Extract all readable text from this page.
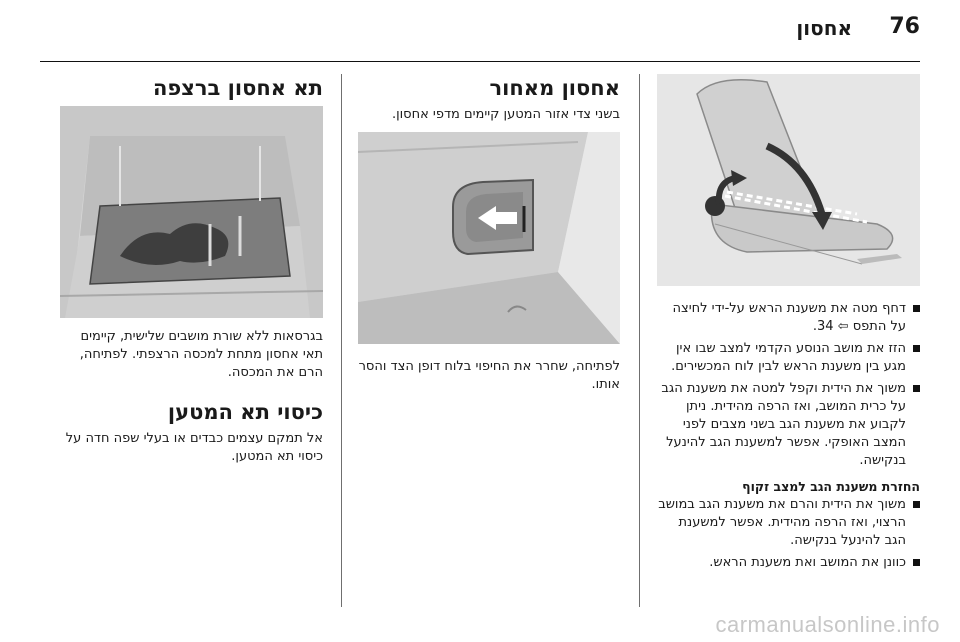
76
אחסון
דחף מטה את משענת הראש על-ידי לחיצה על התפס ⇦ 34.
הזז את מושב הנוסע הקדמי למצב שבו אין מגע בין משענת הראש לבין לוח המכשירים.
משוך את הידית וקפל למטה את משענת הגב על כרית המושב, ואז הרפה מהידית. ניתן לקבוע את משענת הגב בשני מצבים לפני המצב האופקי. אפשר למשענת הגב להינעל בנקישה.

החזרת משענת הגב למצב זקוף

משוך את הידית והרם את משענת הגב במושב הרצוי, ואז הרפה מהידית. אפשר למשענת הגב להינעל בנקישה.
כוונן את המושב ואת משענת הראש.
אחסון מאחור

בשני צדי אזור המטען קיימים מדפי אחסון.

לפתיחה, שחרר את החיפוי בלוח דופן הצד והסר אותו.

תא אחסון ברצפה

בגרסאות ללא שורת מושבים שלישית, קיימים תאי אחסון מתחת למכסה הרצפתי. לפתיחה, הרם את המכסה.

כיסוי תא המטען

אל תמקם עצמים כבדים או בעלי שפה חדה על כיסוי תא המטען.

carmanualsonline.info
